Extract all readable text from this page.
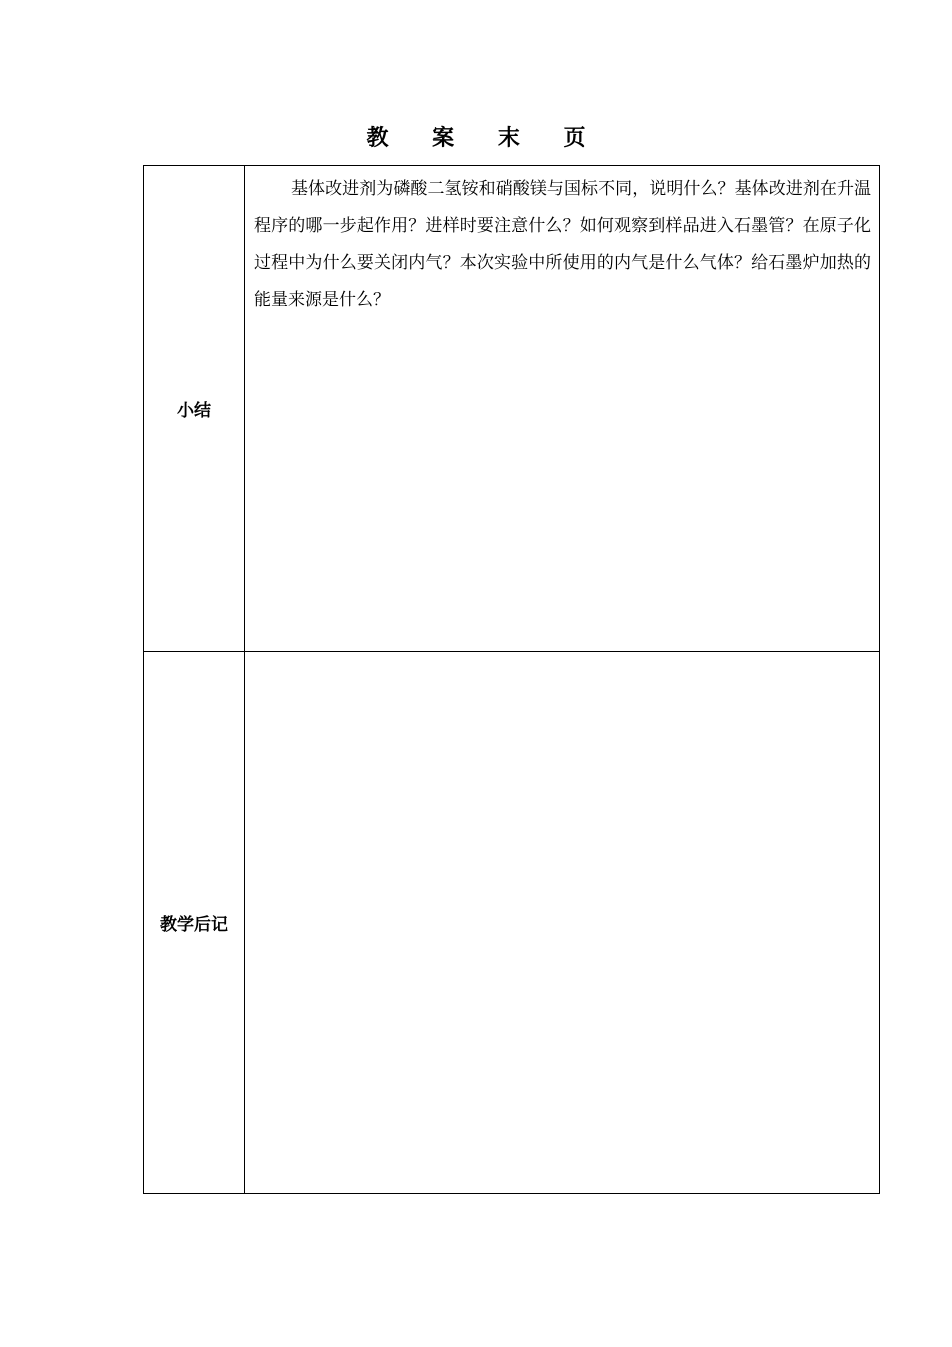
教 案 末 页
小结	基体改进剂为磷酸二氢铵和硝酸镁与国标不同，说明什么？基体改进剂在升温程序的哪一步起作用？进样时要注意什么？如何观察到样品进入石墨管？在原子化过程中为什么要关闭内气？本次实验中所使用的内气是什么气体？给石墨炉加热的能量来源是什么？

教学后记	
